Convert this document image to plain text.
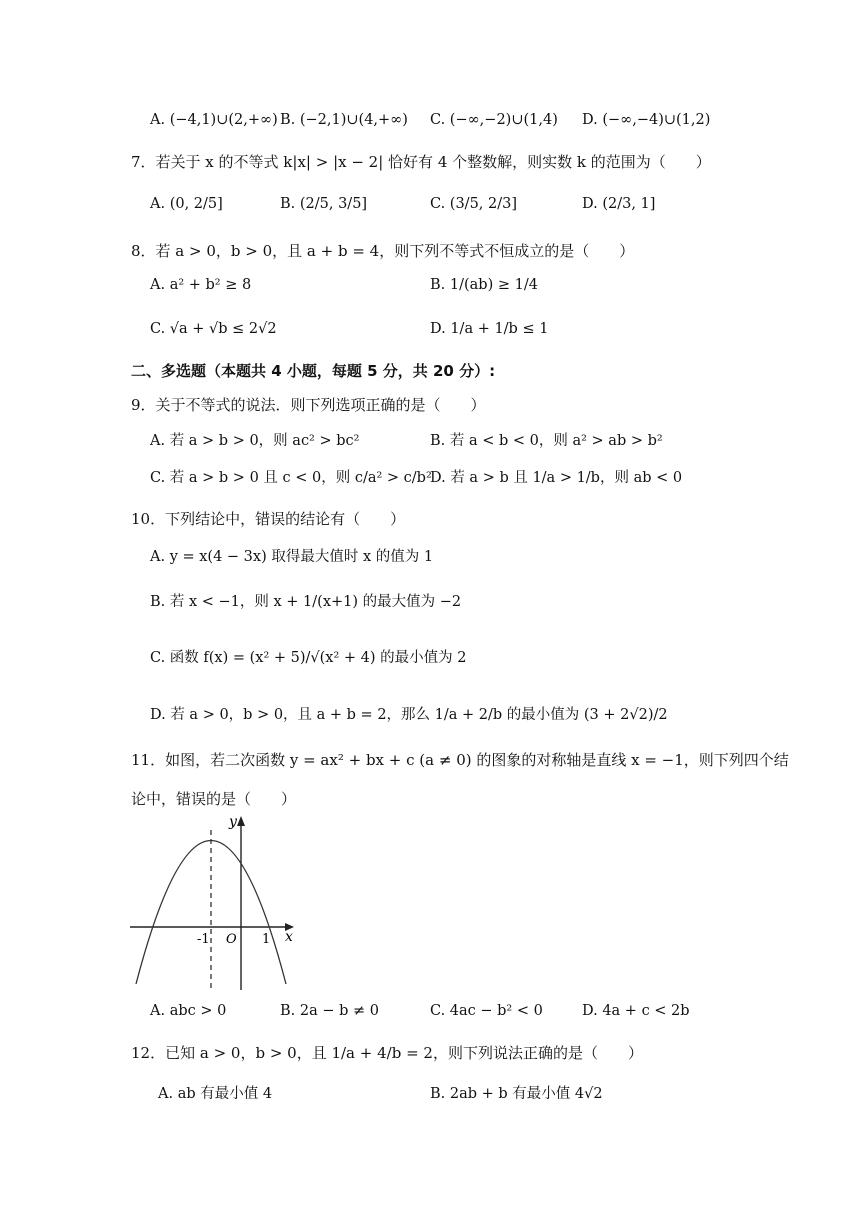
A. (−4,1)∪(2,+∞) B. (−2,1)∪(4,+∞) C. (−∞,−2)∪(1,4) D. (−∞,−4)∪(1,2)
7．若关于 x 的不等式 k|x| > |x − 2| 恰好有 4 个整数解，则实数 k 的范围为（　　）
A. (0, 2/5]	B. (2/5, 3/5]	C. (3/5, 2/3]	D. (2/3, 1]
8．若 a > 0，b > 0，且 a + b = 4，则下列不等式不恒成立的是（　　）
A. a² + b² ≥ 8	B. 1/(ab) ≥ 1/4
C. √a + √b ≤ 2√2	D. 1/a + 1/b ≤ 1
二、多选题（本题共 4 小题，每题 5 分，共 20 分）:
9．关于不等式的说法．则下列选项正确的是（　　）
A. 若 a > b > 0，则 ac² > bc²	B. 若 a < b < 0，则 a² > ab > b²
C. 若 a > b > 0 且 c < 0，则 c/a² > c/b²
D. 若 a > b 且 1/a > 1/b，则 ab < 0
10．下列结论中，错误的结论有（　　）
A. y = x(4 − 3x) 取得最大值时 x 的值为 1
B. 若 x < −1，则 x + 1/(x+1) 的最大值为 −2
C. 函数 f(x) = (x² + 5)/√(x² + 4) 的最小值为 2
D. 若 a > 0，b > 0，且 a + b = 2，那么 1/a + 2/b 的最小值为 (3 + 2√2)/2
11．如图，若二次函数 y = ax² + bx + c (a ≠ 0) 的图象的对称轴是直线 x = −1，则下列四个结
论中，错误的是（　　）
y
x
O
-1	1
A. abc > 0	B. 2a − b ≠ 0	C. 4ac − b² < 0	D. 4a + c < 2b
12．已知 a > 0，b > 0，且 1/a + 4/b = 2，则下列说法正确的是（　　）
A. ab 有最小值 4	B. 2ab + b 有最小值 4√2
